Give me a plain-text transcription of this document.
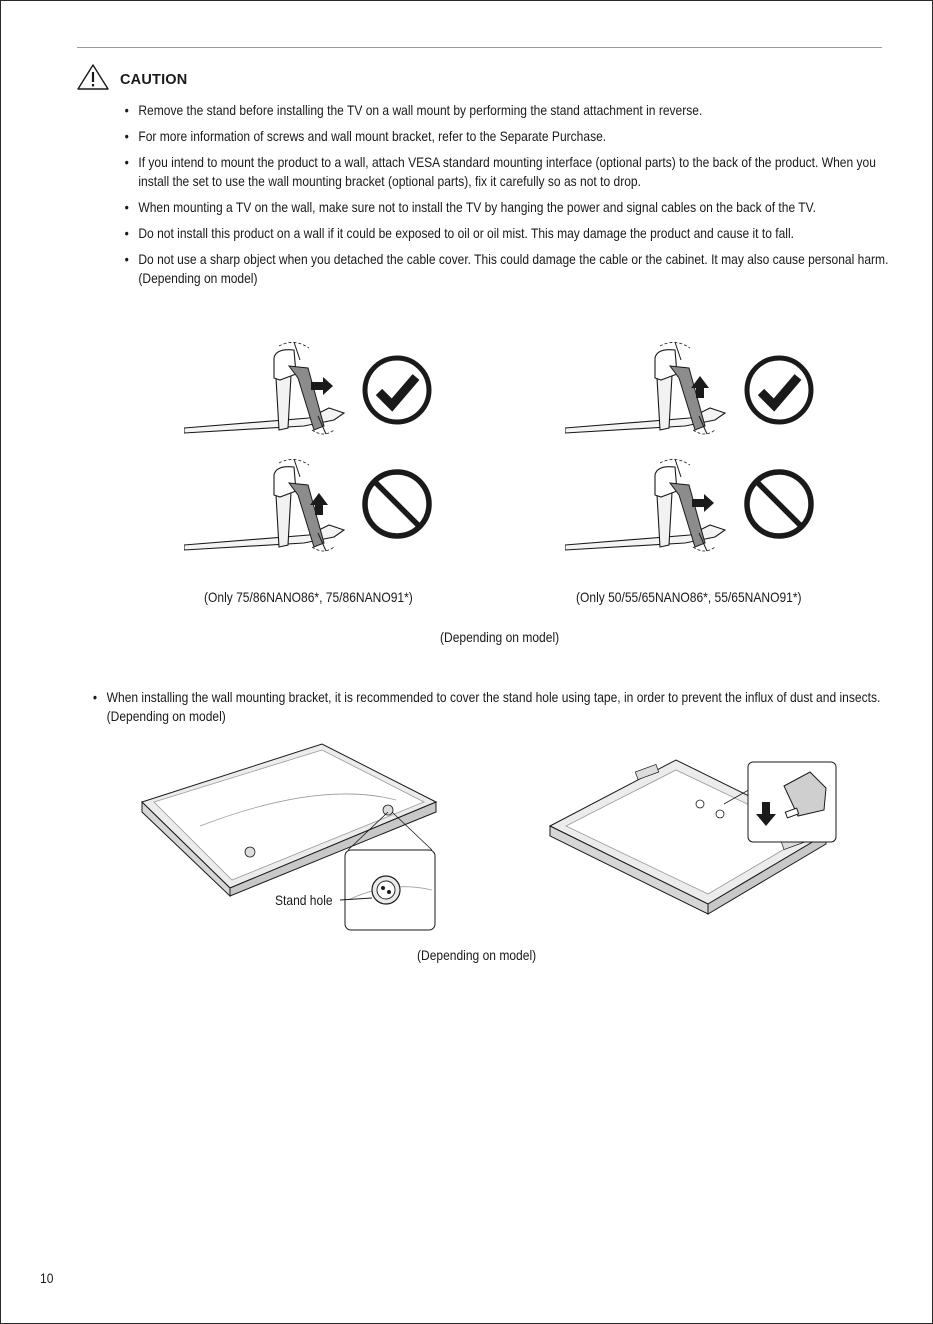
CAUTION
• Remove the stand before installing the TV on a wall mount by performing the stand attachment in reverse.
• For more information of screws and wall mount bracket, refer to the Separate Purchase.
• If you intend to mount the product to a wall, attach VESA standard mounting interface (optional parts) to the back of the product. When you install the set to use the wall mounting bracket (optional parts), fix it carefully so as not to drop.
• When mounting a TV on the wall, make sure not to install the TV by hanging the power and signal cables on the back of the TV.
• Do not install this product on a wall if it could be exposed to oil or oil mist. This may damage the product and cause it to fall.
• Do not use a sharp object when you detached the cable cover. This could damage the cable or the cabinet. It may also cause personal harm. (Depending on model)
(Only 75/86NANO86*, 75/86NANO91*)	(Only 50/55/65NANO86*, 55/65NANO91*)
(Depending on model)
• When installing the wall mounting bracket, it is recommended to cover the stand hole using tape, in order to prevent the influx of dust and insects. (Depending on model)
Stand hole
(Depending on model)
10
